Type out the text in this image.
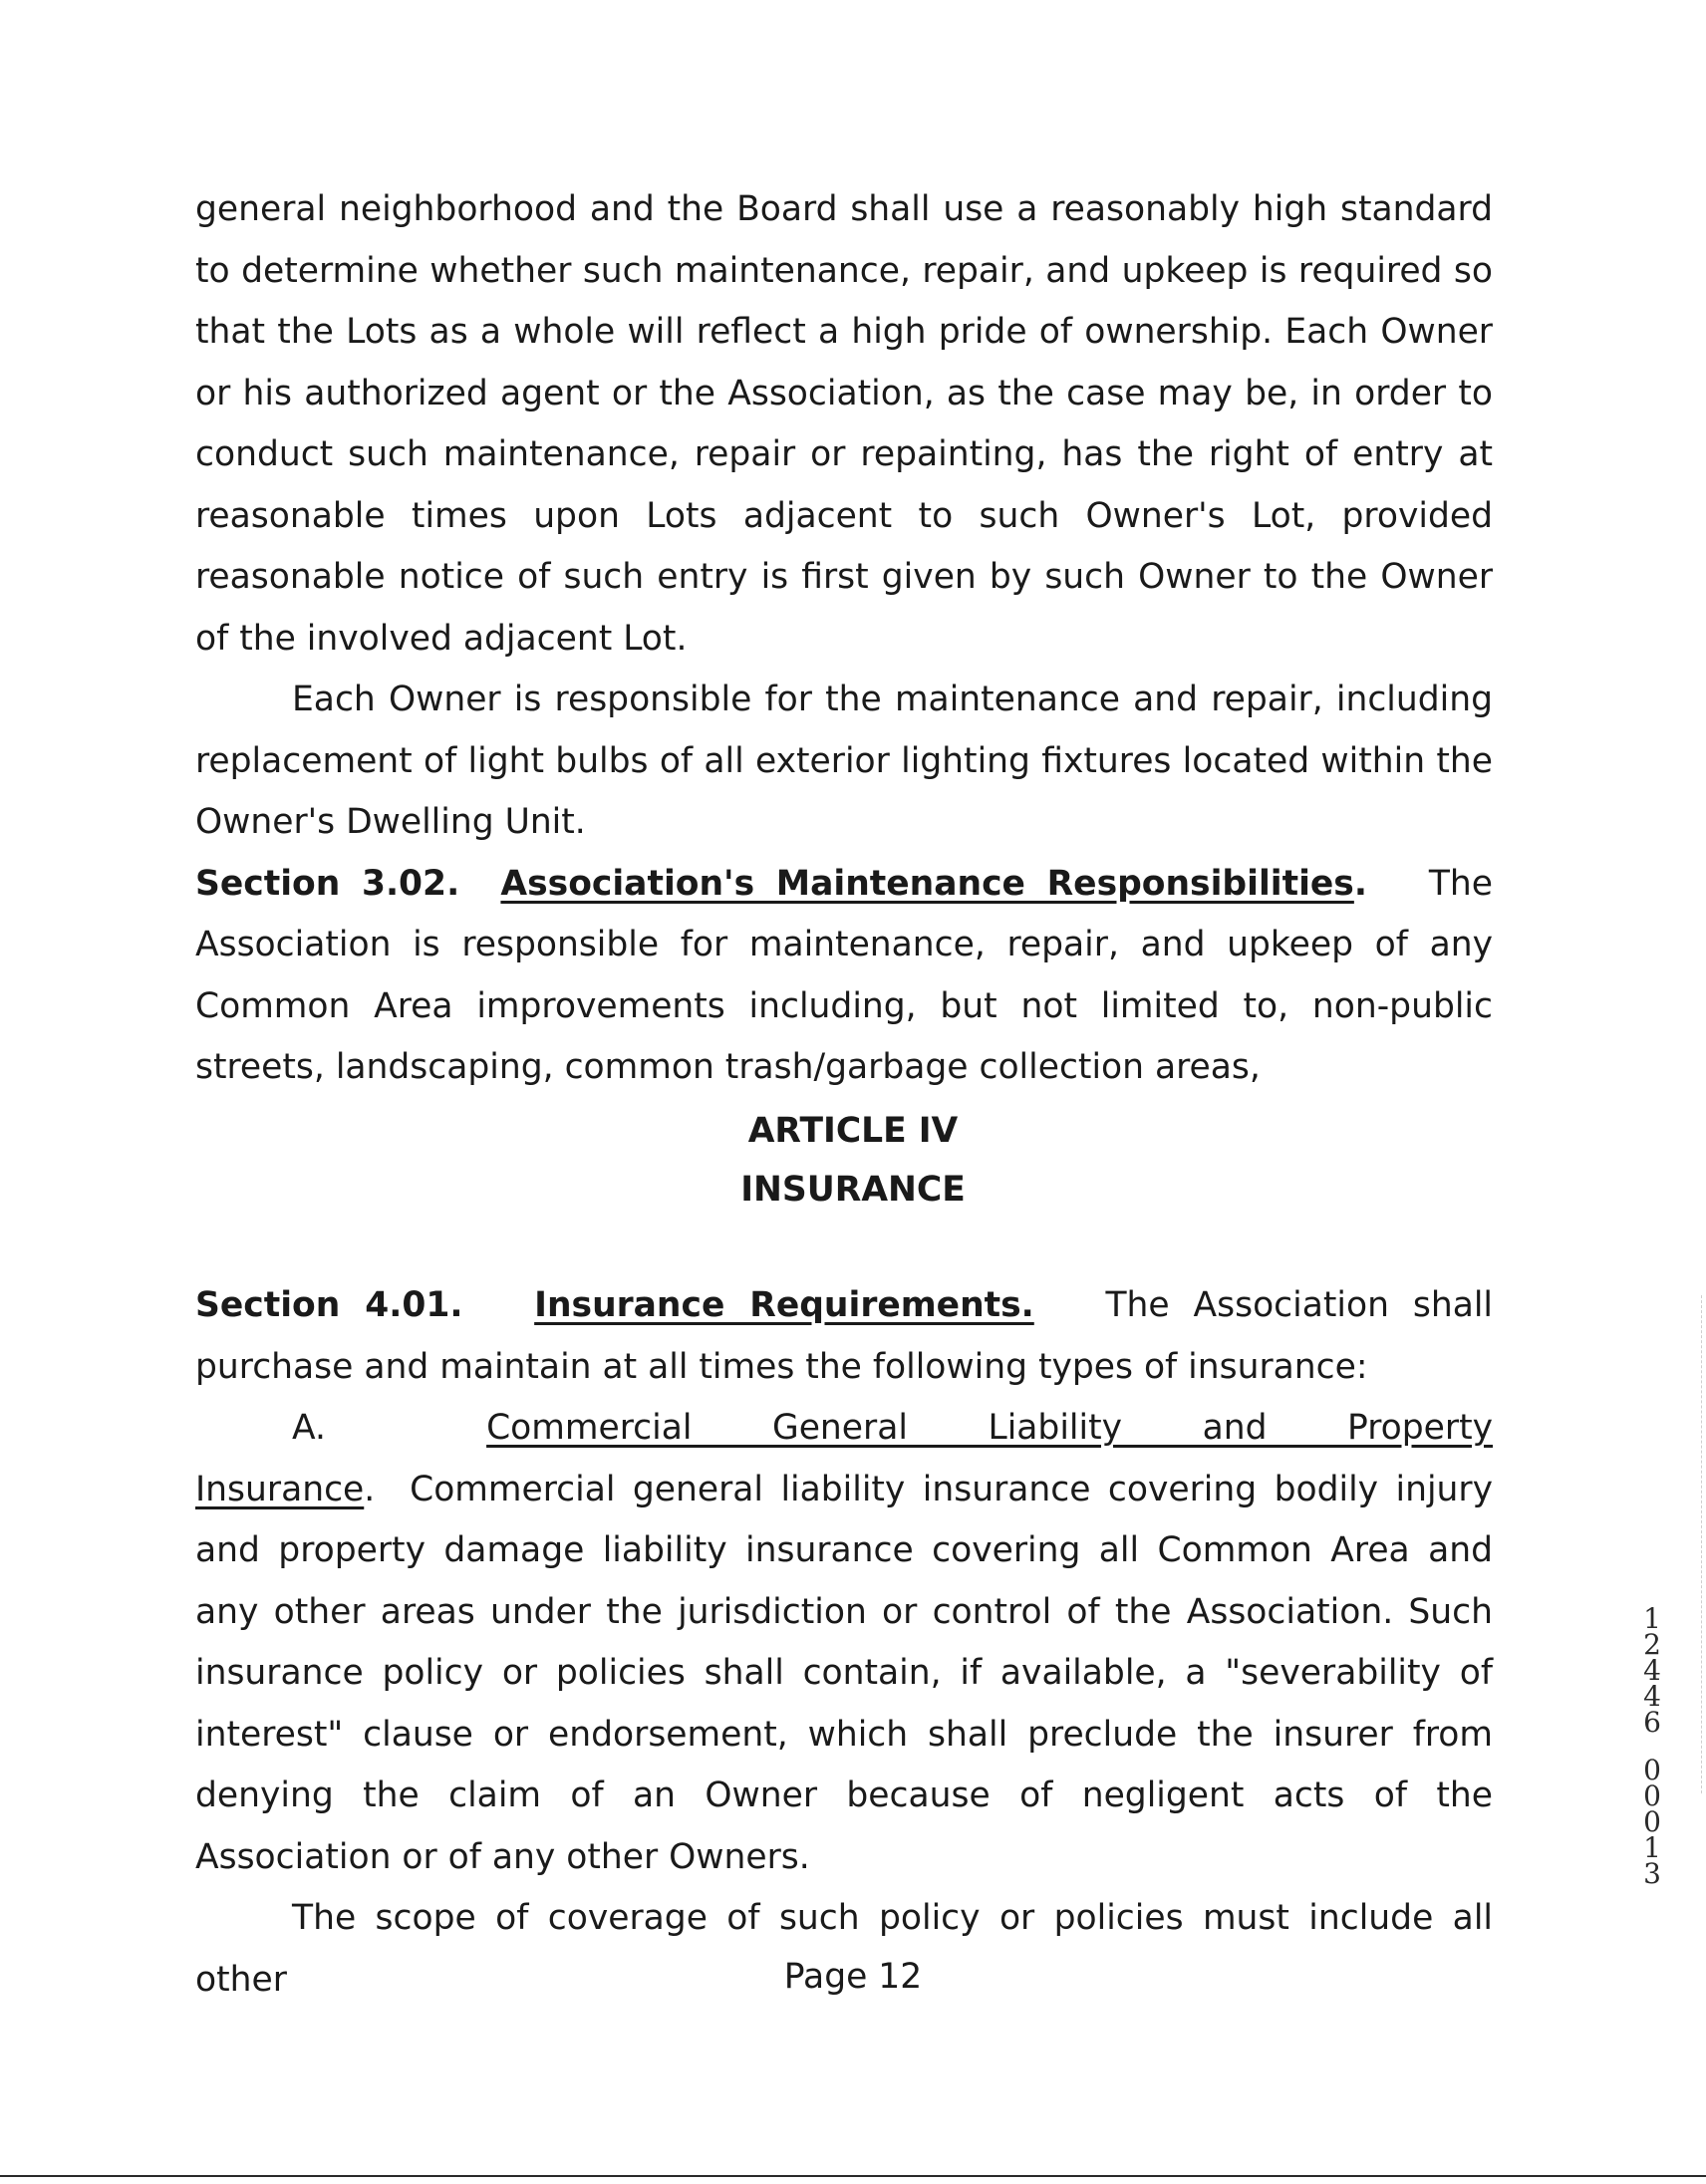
general neighborhood and the Board shall use a reasonably high standard to determine whether such maintenance, repair, and upkeep is required so that the Lots as a whole will reflect a high pride of ownership. Each Owner or his authorized agent or the Association, as the case may be, in order to conduct such maintenance, repair or repainting, has the right of entry at reasonable times upon Lots adjacent to such Owner's Lot, provided reasonable notice of such entry is first given by such Owner to the Owner of the involved adjacent Lot.

Each Owner is responsible for the maintenance and repair, including replacement of light bulbs of all exterior lighting fixtures located within the Owner's Dwelling Unit.

Section 3.02. Association's Maintenance Responsibilities. The Association is responsible for maintenance, repair, and upkeep of any Common Area improvements including, but not limited to, non-public streets, landscaping, common trash/garbage collection areas,

ARTICLE IV
INSURANCE

Section 4.01. Insurance Requirements. The Association shall purchase and maintain at all times the following types of insurance:

A.	Commercial General Liability and Property Insurance. Commercial general liability insurance covering bodily injury and property damage liability insurance covering all Common Area and any other areas under the jurisdiction or control of the Association. Such insurance policy or policies shall contain, if available, a "severability of interest" clause or endorsement, which shall preclude the insurer from denying the claim of an Owner because of negligent acts of the Association or of any other Owners.

The scope of coverage of such policy or policies must include all other	Page 12
1
2
4
4
6
0
0
0
1
3
